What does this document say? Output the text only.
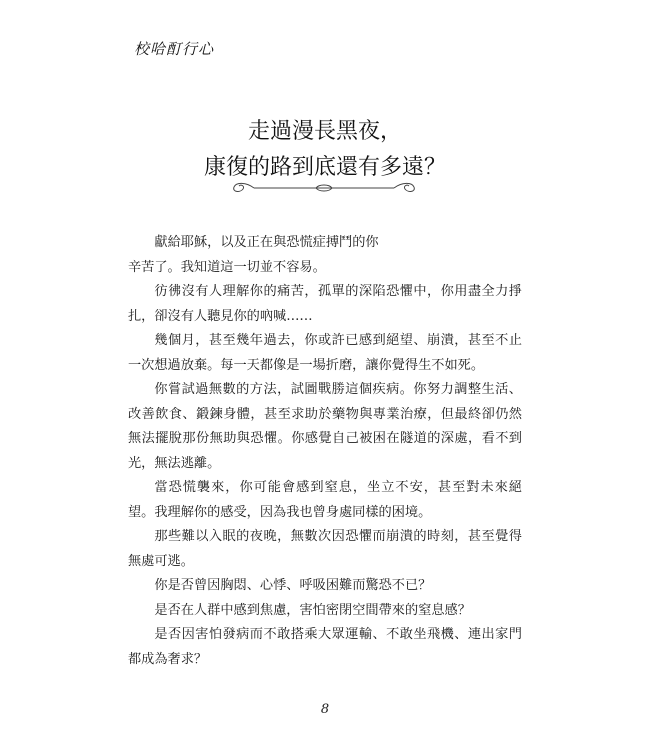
校哈酊行心
走過漫長黑夜，
康復的路到底還有多遠？

獻給耶穌，以及正在與恐慌症搏鬥的你

辛苦了。我知道這一切並不容易。

彷彿沒有人理解你的痛苦，孤單的深陷恐懼中，你用盡全力掙扎，卻沒有人聽見你的吶喊……

幾個月，甚至幾年過去，你或許已感到絕望、崩潰，甚至不止一次想過放棄。每一天都像是一場折磨，讓你覺得生不如死。

你嘗試過無數的方法，試圖戰勝這個疾病。你努力調整生活、改善飲食、鍛鍊身體，甚至求助於藥物與專業治療，但最終卻仍然無法擺脫那份無助與恐懼。你感覺自己被困在隧道的深處，看不到光，無法逃離。

當恐慌襲來，你可能會感到窒息，坐立不安，甚至對未來絕望。我理解你的感受，因為我也曾身處同樣的困境。

那些難以入眠的夜晚，無數次因恐懼而崩潰的時刻，甚至覺得無處可逃。

你是否曾因胸悶、心悸、呼吸困難而驚恐不已？

是否在人群中感到焦慮，害怕密閉空間帶來的窒息感？

是否因害怕發病而不敢搭乘大眾運輸、不敢坐飛機、連出家門都成為奢求？

8
